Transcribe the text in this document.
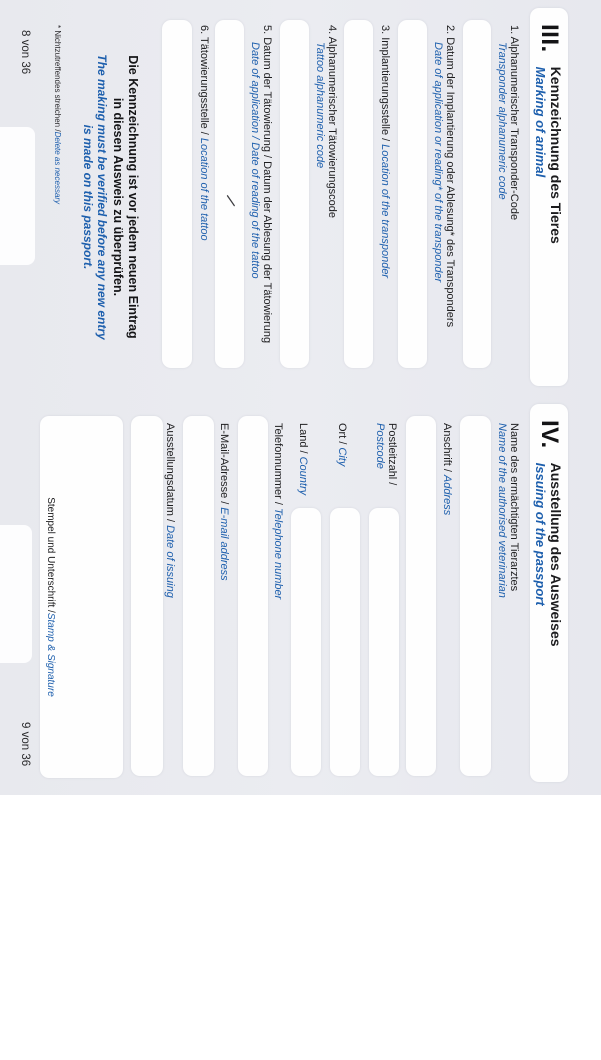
III.
Kennzeichnung des Tieres
Marking of animal
1. Alphanumerischer Transponder-Code
Transponder alphanumeric code
2. Datum der Implantierung oder Ablesung* des Transponders
Date of application or reading* of the transponder
3. Implantierungsstelle /Location of the transponder
4. Alphanumerischer Tätowierungscode
Tattoo alphanumeric code
5. Datum der Tätowierung / Datum der Ablesung der Tätowierung
Date of application / Date of reading of the tattoo
/
6. Tätowierungsstelle /Location of the tattoo
Die Kennzeichnung ist vor jedem neuen Eintrag
in diesen Ausweis zu überprüfen.
The making must be verified before any new entry
is made on this passport.
* Nichtzutreffendes streichen /Delete as necessary
8 von 36
IV.
Ausstellung des Ausweises
Issuing of the passport
Name des ermächtigten Tierarztes
Name of the authorised veterinarian
Anschrift /Address
Postleitzahl /
Postcode
Ort /City
Land /Country
Telefonnummer /Telephone number
E-Mail-Adresse /E-mail address
Ausstellungsdatum /Date of issuing
Stempel und Unterschrift /Stamp & Signature
9 von 36
